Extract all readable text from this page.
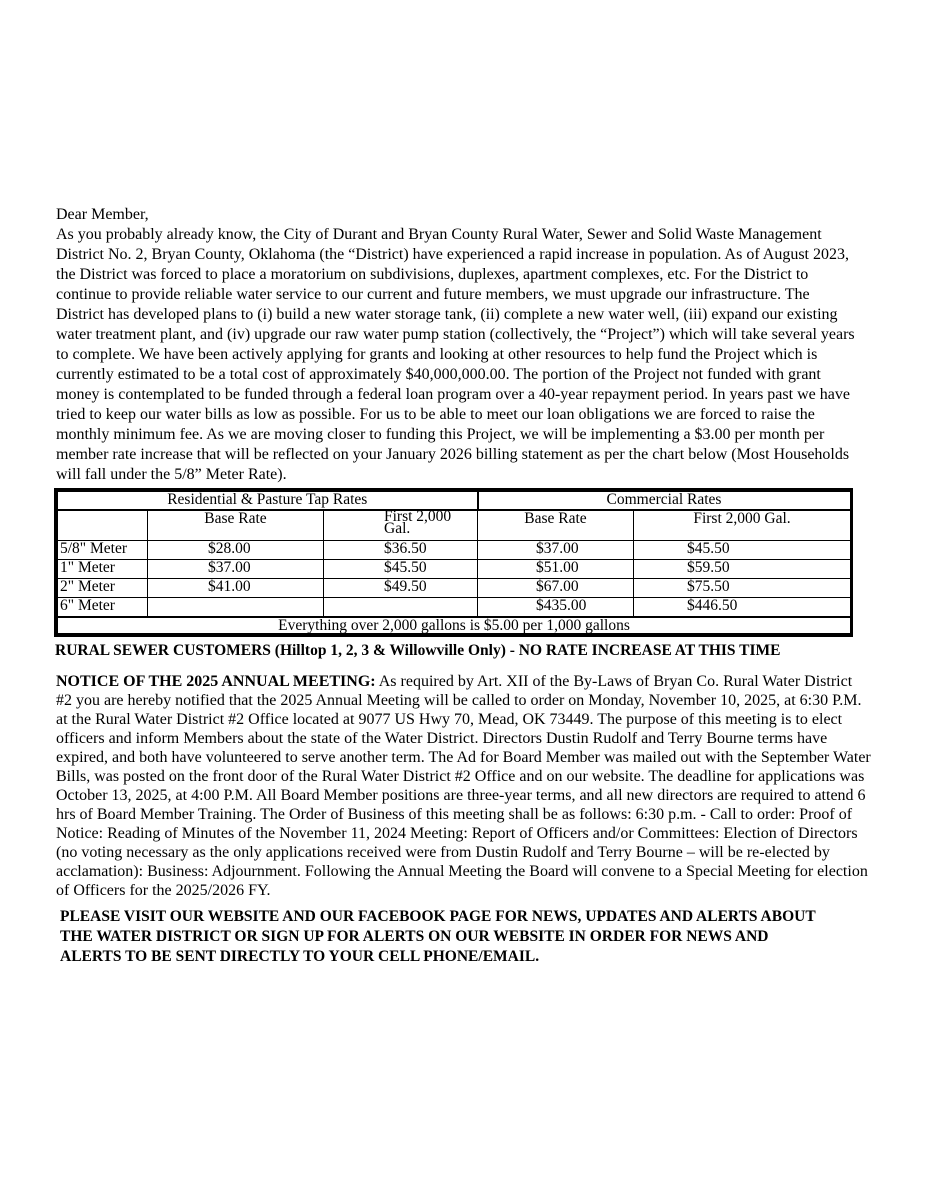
Dear Member,

As you probably already know, the City of Durant and Bryan County Rural Water, Sewer and Solid Waste Management District No. 2, Bryan County, Oklahoma (the “District) have experienced a rapid increase in population. As of August 2023, the District was forced to place a moratorium on subdivisions, duplexes, apartment complexes, etc. For the District to continue to provide reliable water service to our current and future members, we must upgrade our infrastructure. The District has developed plans to (i) build a new water storage tank, (ii) complete a new water well, (iii) expand our existing water treatment plant, and (iv) upgrade our raw water pump station (collectively, the “Project”) which will take several years to complete. We have been actively applying for grants and looking at other resources to help fund the Project which is currently estimated to be a total cost of approximately $40,000,000.00. The portion of the Project not funded with grant money is contemplated to be funded through a federal loan program over a 40-year repayment period. In years past we have tried to keep our water bills as low as possible. For us to be able to meet our loan obligations we are forced to raise the monthly minimum fee. As we are moving closer to funding this Project, we will be implementing a $3.00 per month per member rate increase that will be reflected on your January 2026 billing statement as per the chart below (Most Households will fall under the 5/8” Meter Rate).

Residential & Pasture Tap Rates			Commercial Rates	
	Base Rate	First 2,000 Gal.	Base Rate	First 2,000 Gal.
5/8" Meter	$28.00	$36.50	$37.00	$45.50
1" Meter	$37.00	$45.50	$51.00	$59.50
2" Meter	$41.00	$49.50	$67.00	$75.50
6" Meter			$435.00	$446.50
Everything over 2,000 gallons is $5.00 per 1,000 gallons				
RURAL SEWER CUSTOMERS (Hilltop 1, 2, 3 & Willowville Only) - NO RATE INCREASE AT THIS TIME

NOTICE OF THE 2025 ANNUAL MEETING: As required by Art. XII of the By-Laws of Bryan Co. Rural Water District #2 you are hereby notified that the 2025 Annual Meeting will be called to order on Monday, November 10, 2025, at 6:30 P.M. at the Rural Water District #2 Office located at 9077 US Hwy 70, Mead, OK 73449. The purpose of this meeting is to elect officers and inform Members about the state of the Water District. Directors Dustin Rudolf and Terry Bourne terms have expired, and both have volunteered to serve another term. The Ad for Board Member was mailed out with the September Water Bills, was posted on the front door of the Rural Water District #2 Office and on our website. The deadline for applications was October 13, 2025, at 4:00 P.M. All Board Member positions are three-year terms, and all new directors are required to attend 6 hrs of Board Member Training. The Order of Business of this meeting shall be as follows: 6:30 p.m. - Call to order: Proof of Notice: Reading of Minutes of the November 11, 2024 Meeting: Report of Officers and/or Committees: Election of Directors (no voting necessary as the only applications received were from Dustin Rudolf and Terry Bourne – will be re-elected by acclamation): Business: Adjournment. Following the Annual Meeting the Board will convene to a Special Meeting for election of Officers for the 2025/2026 FY.

PLEASE VISIT OUR WEBSITE AND OUR FACEBOOK PAGE FOR NEWS, UPDATES AND ALERTS ABOUT THE WATER DISTRICT OR SIGN UP FOR ALERTS ON OUR WEBSITE IN ORDER FOR NEWS AND ALERTS TO BE SENT DIRECTLY TO YOUR CELL PHONE/EMAIL.
